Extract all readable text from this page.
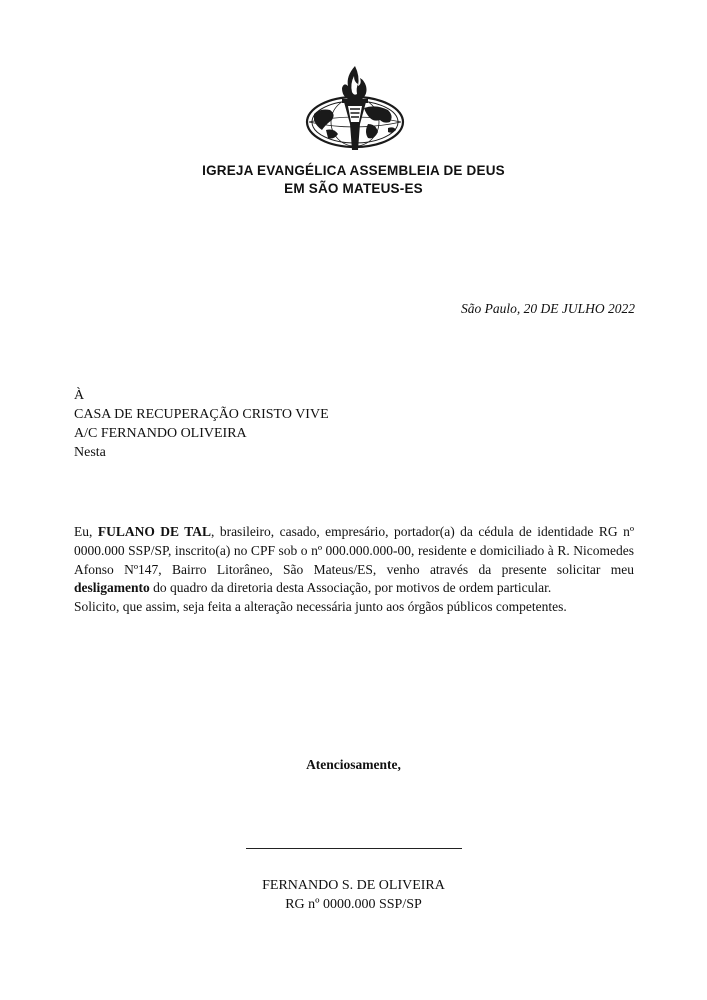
IGREJA EVANGÉLICA ASSEMBLEIA DE DEUS
EM SÃO MATEUS-ES
São Paulo, 20 DE JULHO 2022
À
CASA DE RECUPERAÇÃO CRISTO VIVE
A/C FERNANDO OLIVEIRA
Nesta

Eu, FULANO DE TAL, brasileiro, casado, empresário, portador(a) da cédula de identidade RG nº 0000.000 SSP/SP, inscrito(a) no CPF sob o nº 000.000.000-00, residente e domiciliado à R. Nicomedes Afonso Nº147, Bairro Litorâneo, São Mateus/ES, venho através da presente solicitar meu desligamento do quadro da diretoria desta Associação, por motivos de ordem particular.

Solicito, que assim, seja feita a alteração necessária junto aos órgãos públicos competentes.

Atenciosamente,
FERNANDO S. DE OLIVEIRA
RG nº 0000.000 SSP/SP
